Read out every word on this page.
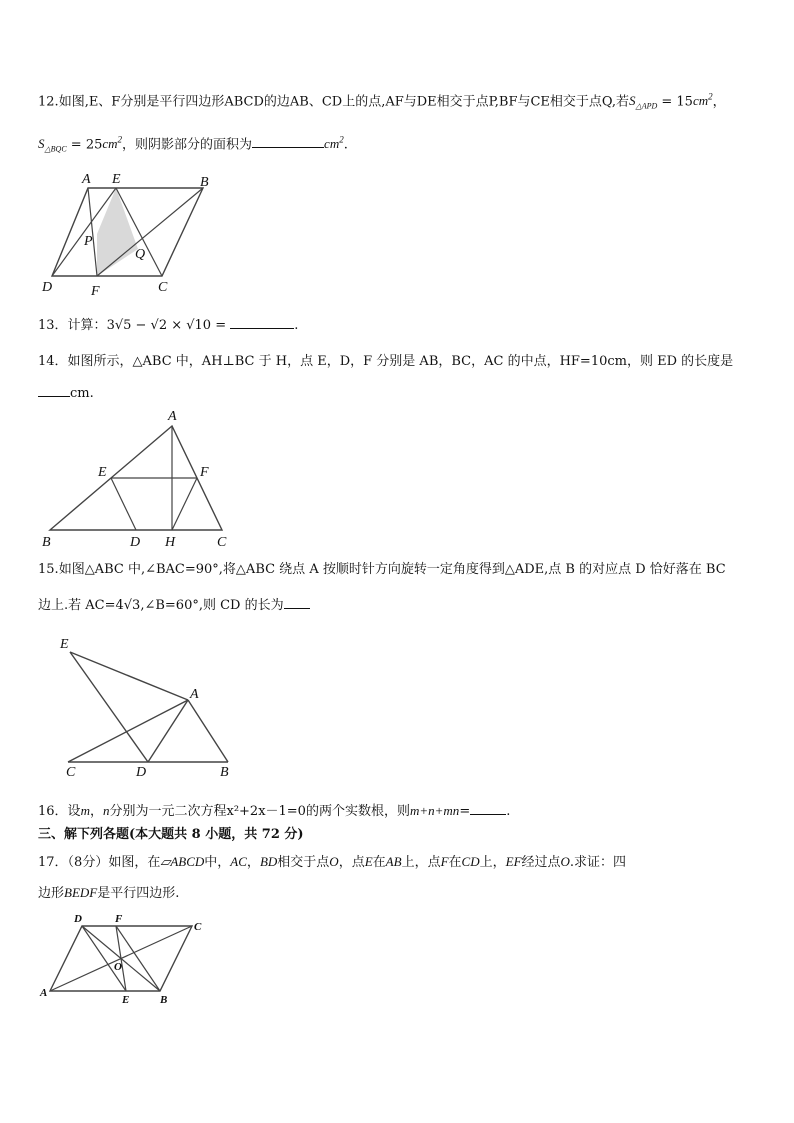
12.如图,E、F分别是平行四边形ABCD的边AB、CD上的点,AF与DE相交于点P,BF与CE相交于点Q,若$S_{\triangle APD} = 15cm^2$，
$S_{\triangle BQC} = 25cm^2$，则阴影部分的面积为	$cm^2$.
A E	B
P
Q
D	F	C
13．计算：3√5 − √2 × √10 =	.
14．如图所示，△ABC 中，AH⊥BC 于 H，点 E，D，F 分别是 AB，BC，AC 的中点，HF=10cm，则 ED 的长度是
cm.
A
E	F
B	D H	C
15.如图△ABC 中,∠BAC=90°,将△ABC 绕点 A 按顺时针方向旋转一定角度得到△ADE,点 B 的对应点 D 恰好落在 BC
边上.若 AC=4√3,∠B=60°,则 CD 的长为
E
A
C	D	B
16．设m，n分别为一元二次方程x²+2x－1=0的两个实数根，则m+n+mn=	.
三、解下列各题(本大题共 8 小题，共 72 分)
17．（8分）如图，在▱ABCD中，AC，BD相交于点O，点E在AB上，点F在CD上，EF经过点O.求证：四
边形BEDF是平行四边形.
D	F
C
O
A
E	B
